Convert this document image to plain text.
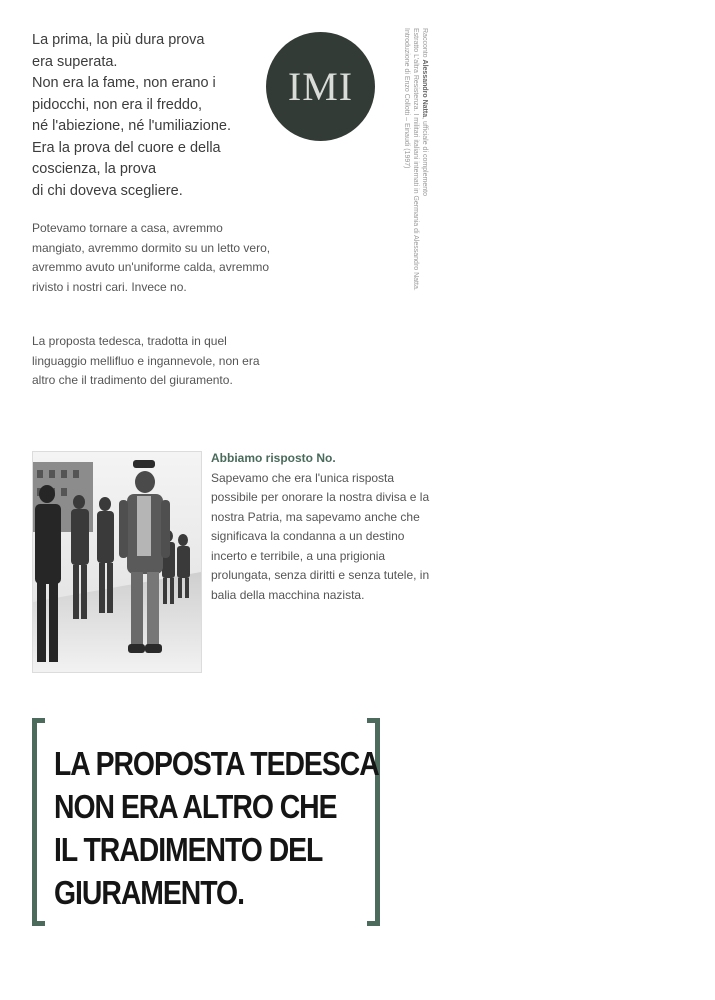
La prima, la più dura prova

era superata.

Non era la fame, non erano i

pidocchi, non era il freddo,

né l'abiezione, né l'umiliazione.

Era la prova del cuore e della

coscienza, la prova

di chi doveva scegliere.

Potevamo tornare a casa, avremmo mangiato, avremmo dormito su un letto vero, avremmo avuto un'uniforme calda, avremmo rivisto i nostri cari. Invece no.

La proposta tedesca, tradotta in quel linguaggio mellifluo e ingannevole, non era altro che il tradimento del giuramento.

IMI
Racconto Alessandro Natta, ufficiale di complemento
Estratto L'altra Resistenza. I militari italiani internati in Germania di Alessandro Natta.
Introduzione di Enzo Collotti – Einaudi (1997)

Abbiamo risposto No.

Sapevamo che era l'unica risposta possibile per onorare la nostra divisa e la nostra Patria, ma sapevamo anche che significava la condanna a un destino incerto e terribile, a una prigionia prolungata, senza diritti e senza tutele, in balia della macchina nazista.

LA PROPOSTA TEDESCA
NON ERA ALTRO CHE
IL TRADIMENTO DEL
GIURAMENTO.
